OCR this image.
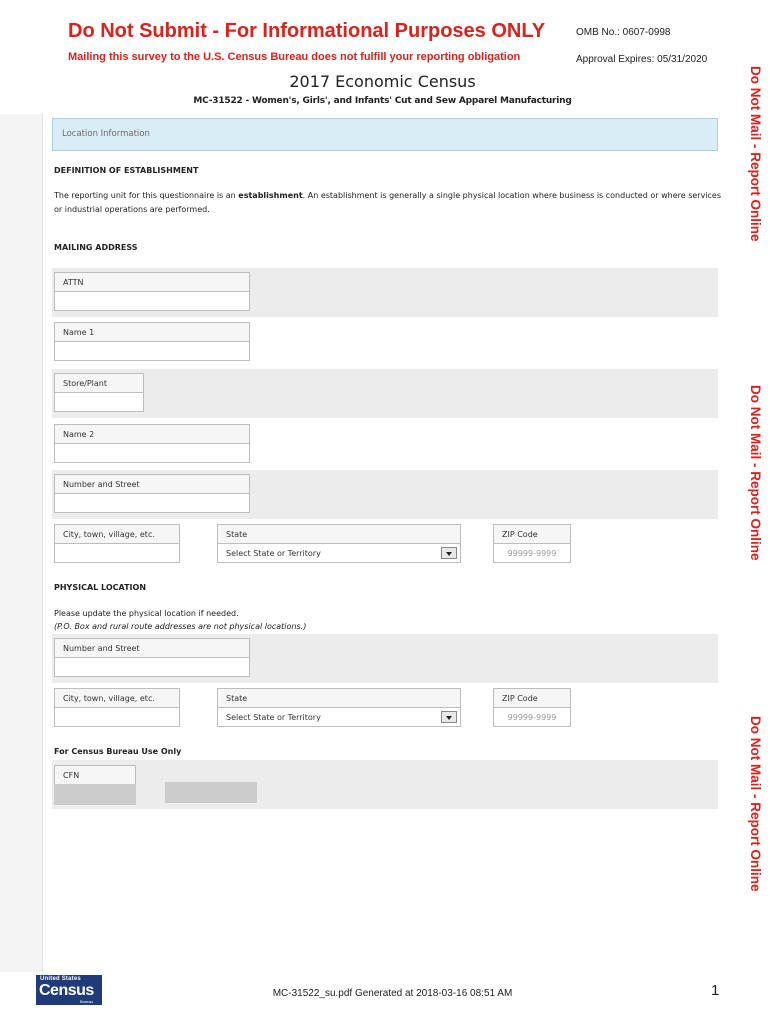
Do Not Submit - For Informational Purposes ONLY
Mailing this survey to the U.S. Census Bureau does not fulfill your reporting obligation
OMB No.: 0607-0998
Approval Expires: 05/31/2020
2017 Economic Census
MC-31522 - Women's, Girls', and Infants' Cut and Sew Apparel Manufacturing	Do Not Mail - Report Online
Do Not Mail - Report Online
Do Not Mail - Report Online
Location Information
DEFINITION OF ESTABLISHMENT
The reporting unit for this questionnaire is an establishment. An establishment is generally a single physical location where business is conducted or where services
or industrial operations are performed.
MAILING ADDRESS
ATTN
Name 1
Store/Plant
Name 2
Number and Street
City, town, village, etc.	State
Select State or Territory
ZIP Code
99999-9999
PHYSICAL LOCATION
Please update the physical location if needed.
(P.O. Box and rural route addresses are not physical locations.)
Number and Street
City, town, village, etc.	State
Select State or Territory
ZIP Code
99999-9999
For Census Bureau Use Only
CFN
United States
Census
Bureau
MC-31522_su.pdf Generated at 2018-03-16 08:51 AM	1
